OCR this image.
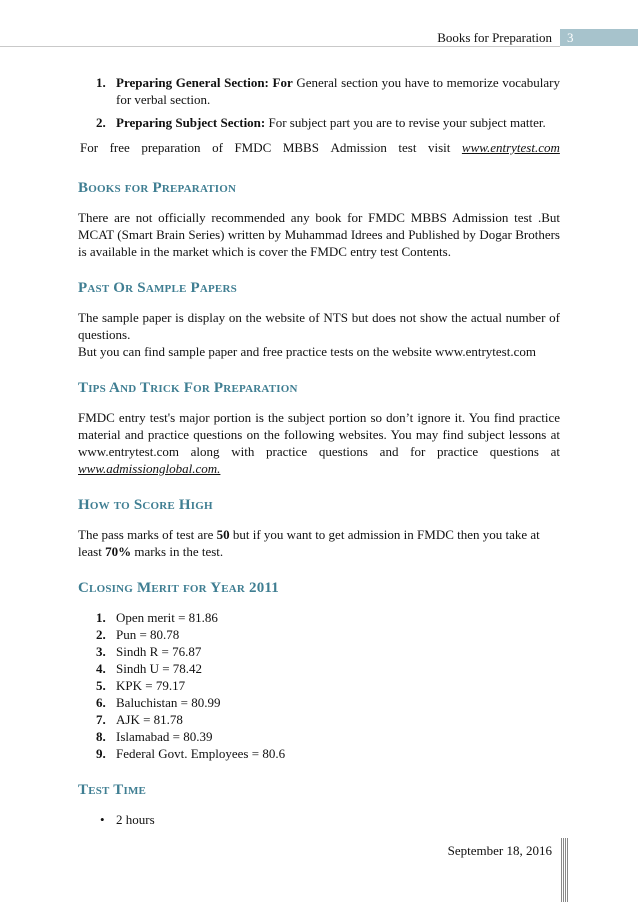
Books for Preparation 3
1. Preparing General Section: For General section you have to memorize vocabulary for verbal section.
2. Preparing Subject Section: For subject part you are to revise your subject matter.
For free preparation of FMDC MBBS Admission test visit www.entrytest.com
Books for Preparation

There are not officially recommended any book for FMDC MBBS Admission test .But MCAT (Smart Brain Series) written by Muhammad Idrees and Published by Dogar Brothers is available in the market which is cover the FMDC entry test Contents.

Past Or Sample Papers

The sample paper is display on the website of NTS but does not show the actual number of questions.

But you can find sample paper and free practice tests on the website www.entrytest.com

Tips And Trick For Preparation

FMDC entry test's major portion is the subject portion so don’t ignore it. You find practice material and practice questions on the following websites. You may find subject lessons at www.entrytest.com along with practice questions and for practice questions at www.admissionglobal.com.

How to Score High

The pass marks of test are 50 but if you want to get admission in FMDC then you take at least 70% marks in the test.

Closing Merit for Year 2011
1. Open merit = 81.86
2. Pun = 80.78
3. Sindh R = 76.87
4. Sindh U = 78.42
5. KPK = 79.17
6. Baluchistan = 80.99
7. AJK = 81.78
8. Islamabad = 80.39
9. Federal Govt. Employees = 80.6
Test Time
• 2 hours
September 18, 2016
